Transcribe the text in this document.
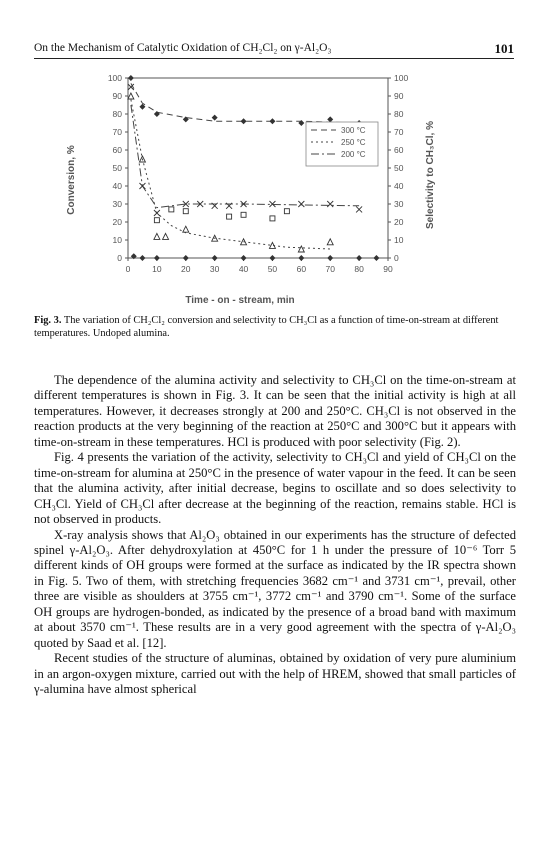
On the Mechanism of Catalytic Oxidation of CH₂Cl₂ on γ-Al₂O₃	101
0	10 20 30 40 50 60 70 80 90
0	0
10	10
20	20
30	30
40	40
50	50
60	60
70	70
80	80
90	90
100	100
300 °C
250 °C
200 °C
Time - on - stream, min
Conversion, %	Selectivity to CH₃Cl, %
Fig. 3. The variation of CH₂Cl₂ conversion and selectivity to CH₃Cl as a function of time-on-stream at different temperatures. Undoped alumina.

The dependence of the alumina activity and selectivity to CH₃Cl on the time-on-stream at different temperatures is shown in Fig. 3. It can be seen that the initial activity is high at all temperatures. However, it decreases strongly at 200 and 250°C. CH₃Cl is not observed in the reaction products at the very beginning of the reaction at 250°C and 300°C but it appears with time-on-stream in these temperatures. HCl is produced with poor selectivity (Fig. 2).

Fig. 4 presents the variation of the activity, selectivity to CH₃Cl and yield of CH₃Cl on the time-on-stream for alumina at 250°C in the presence of water vapour in the feed. It can be seen that the alumina activity, after initial decrease, begins to oscillate and so does selectivity to CH₃Cl. Yield of CH₃Cl after decrease at the beginning of the reaction, remains stable. HCl is not observed in products.

X-ray analysis shows that Al₂O₃ obtained in our experiments has the structure of defected spinel γ-Al₂O₃. After dehydroxylation at 450°C for 1 h under the pressure of 10⁻⁶ Torr 5 different kinds of OH groups were formed at the surface as indicated by the IR spectra shown in Fig. 5. Two of them, with stretching frequencies 3682 cm⁻¹ and 3731 cm⁻¹, prevail, other three are visible as shoulders at 3755 cm⁻¹, 3772 cm⁻¹ and 3790 cm⁻¹. Some of the surface OH groups are hydrogen-bonded, as indicated by the presence of a broad band with maximum at about 3570 cm⁻¹. These results are in a very good agreement with the spectra of γ-Al₂O₃ quoted by Saad et al. [12].

Recent studies of the structure of aluminas, obtained by oxidation of very pure aluminium in an argon-oxygen mixture, carried out with the help of HREM, showed that small particles of γ-alumina have almost spherical
